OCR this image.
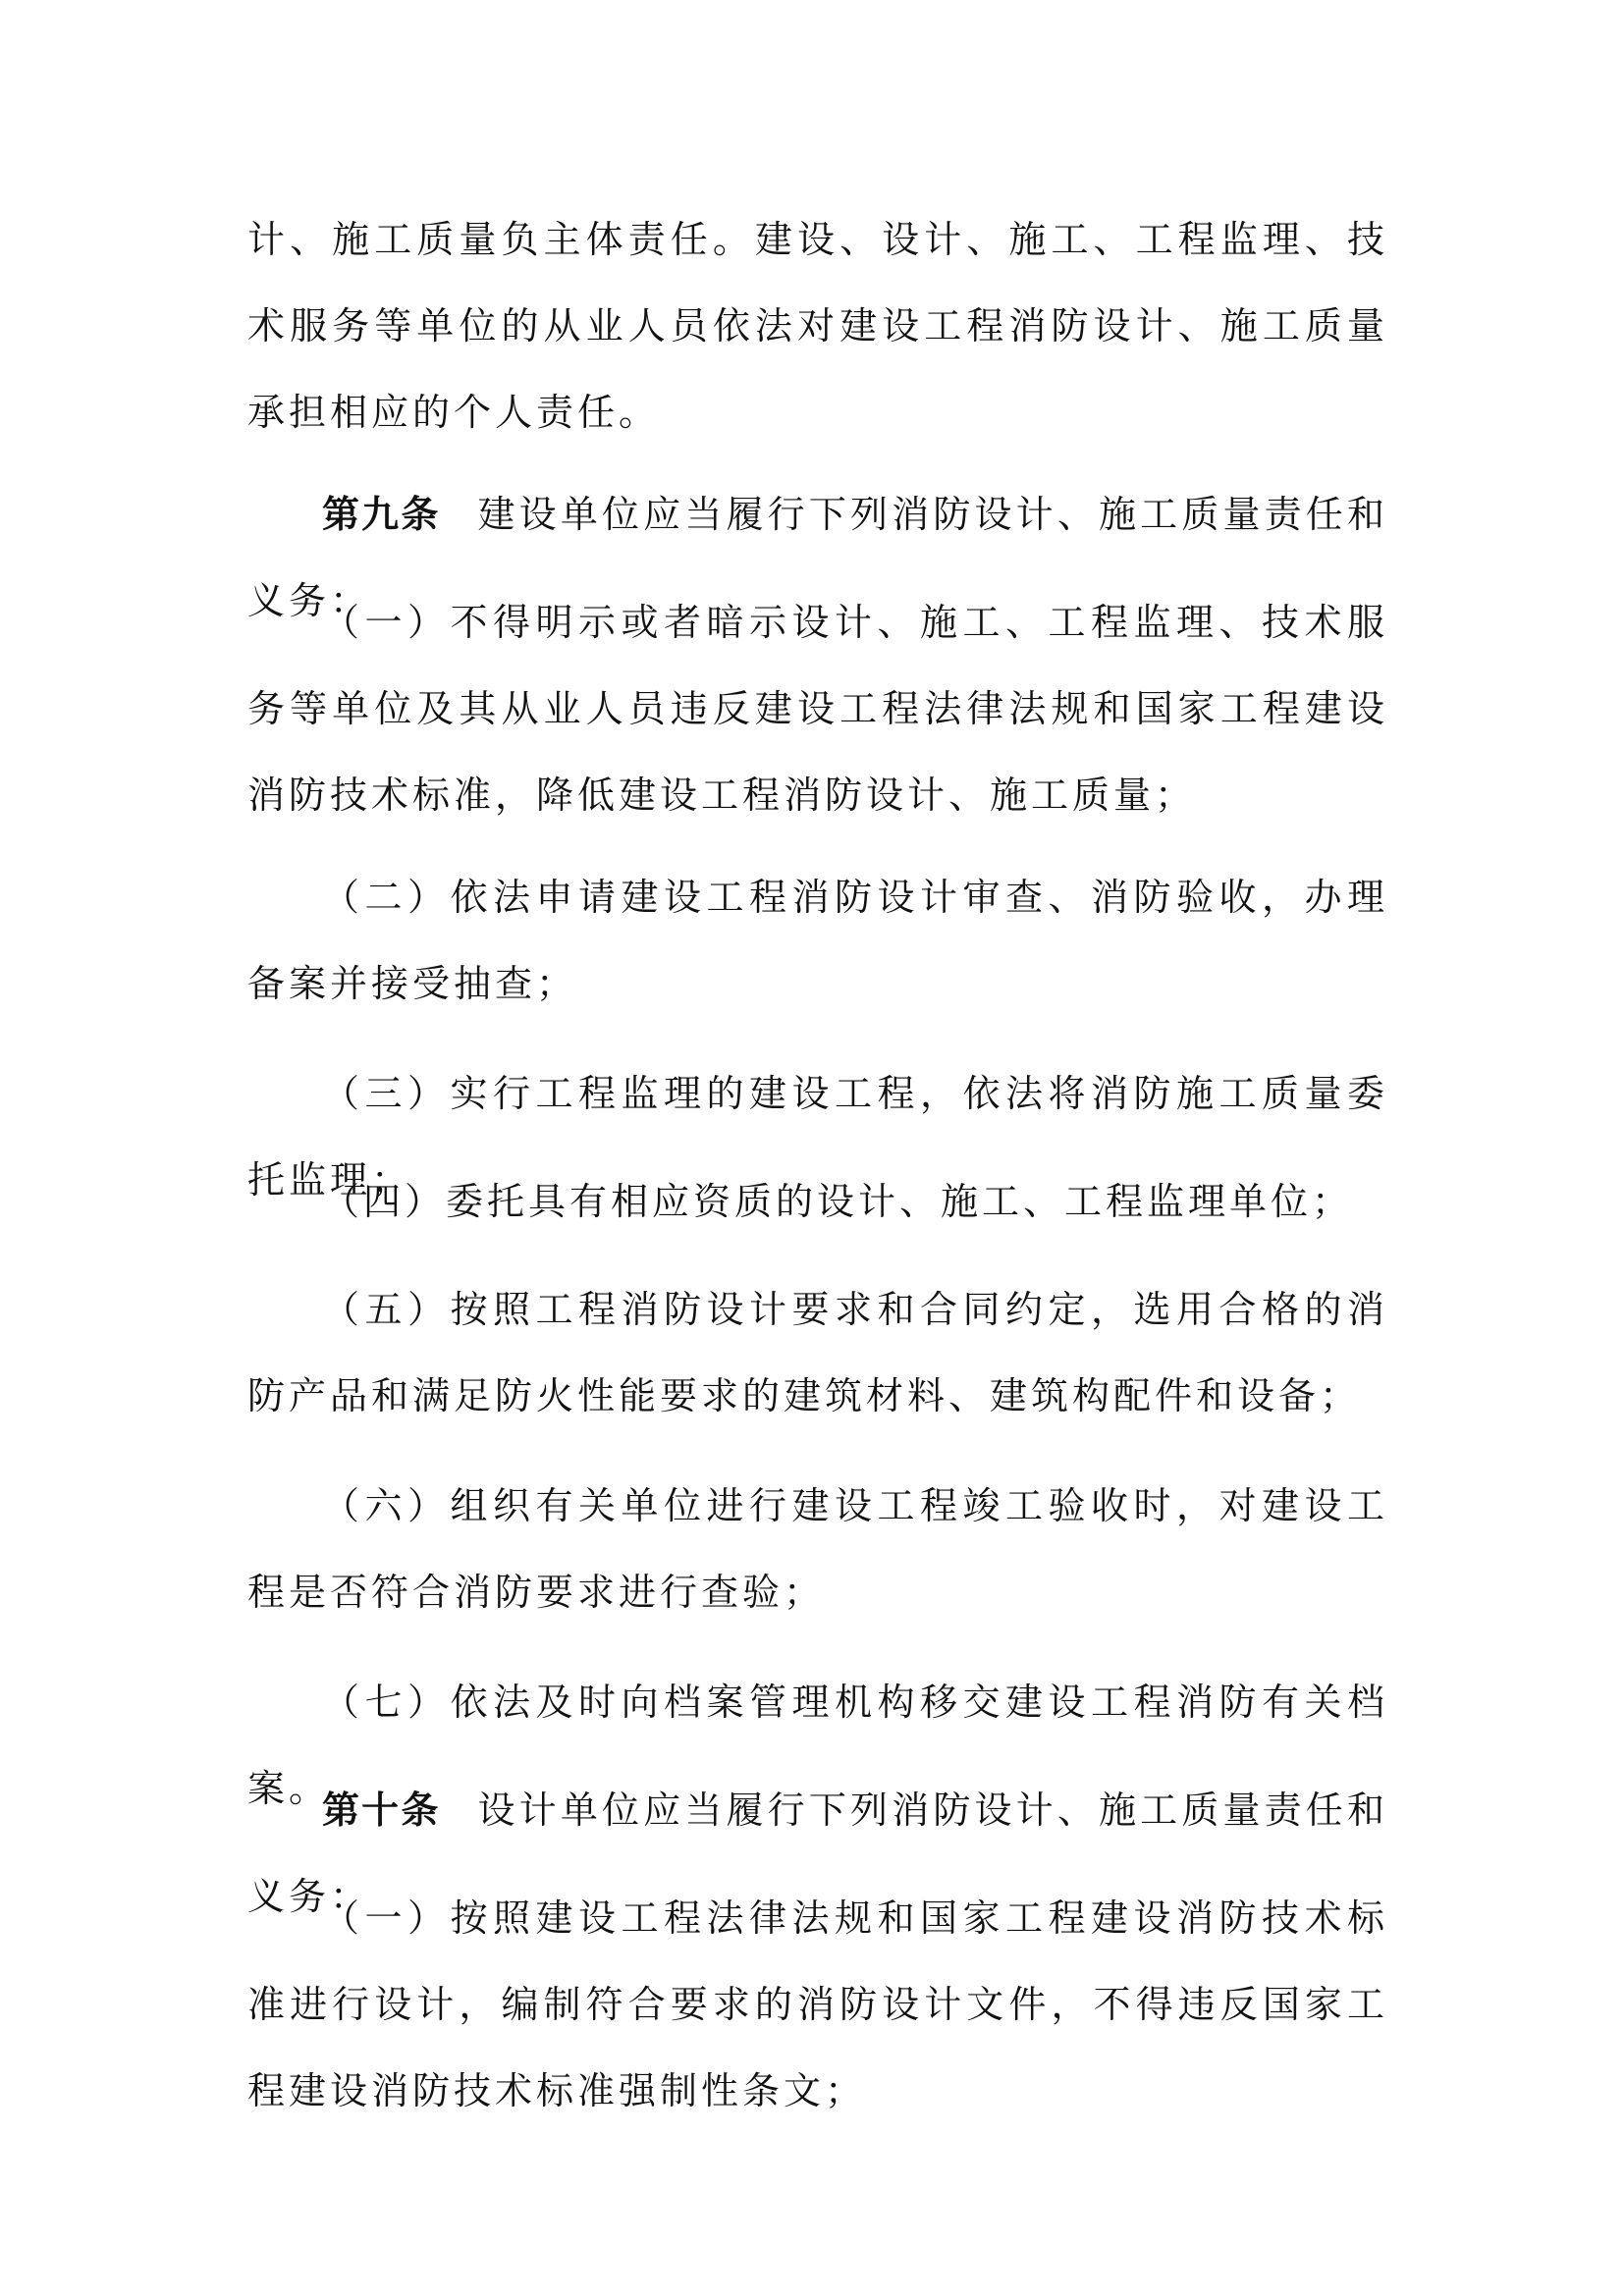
计、施工质量负主体责任。建设、设计、施工、工程监理、技术服务等单位的从业人员依法对建设工程消防设计、施工质量承担相应的个人责任。

第九条 建设单位应当履行下列消防设计、施工质量责任和义务：

（一）不得明示或者暗示设计、施工、工程监理、技术服务等单位及其从业人员违反建设工程法律法规和国家工程建设消防技术标准，降低建设工程消防设计、施工质量；

（二）依法申请建设工程消防设计审查、消防验收，办理备案并接受抽查；

（三）实行工程监理的建设工程，依法将消防施工质量委托监理；

（四）委托具有相应资质的设计、施工、工程监理单位；

（五）按照工程消防设计要求和合同约定，选用合格的消防产品和满足防火性能要求的建筑材料、建筑构配件和设备；

（六）组织有关单位进行建设工程竣工验收时，对建设工程是否符合消防要求进行查验；

（七）依法及时向档案管理机构移交建设工程消防有关档案。

第十条 设计单位应当履行下列消防设计、施工质量责任和义务：

（一）按照建设工程法律法规和国家工程建设消防技术标准进行设计，编制符合要求的消防设计文件，不得违反国家工程建设消防技术标准强制性条文；
